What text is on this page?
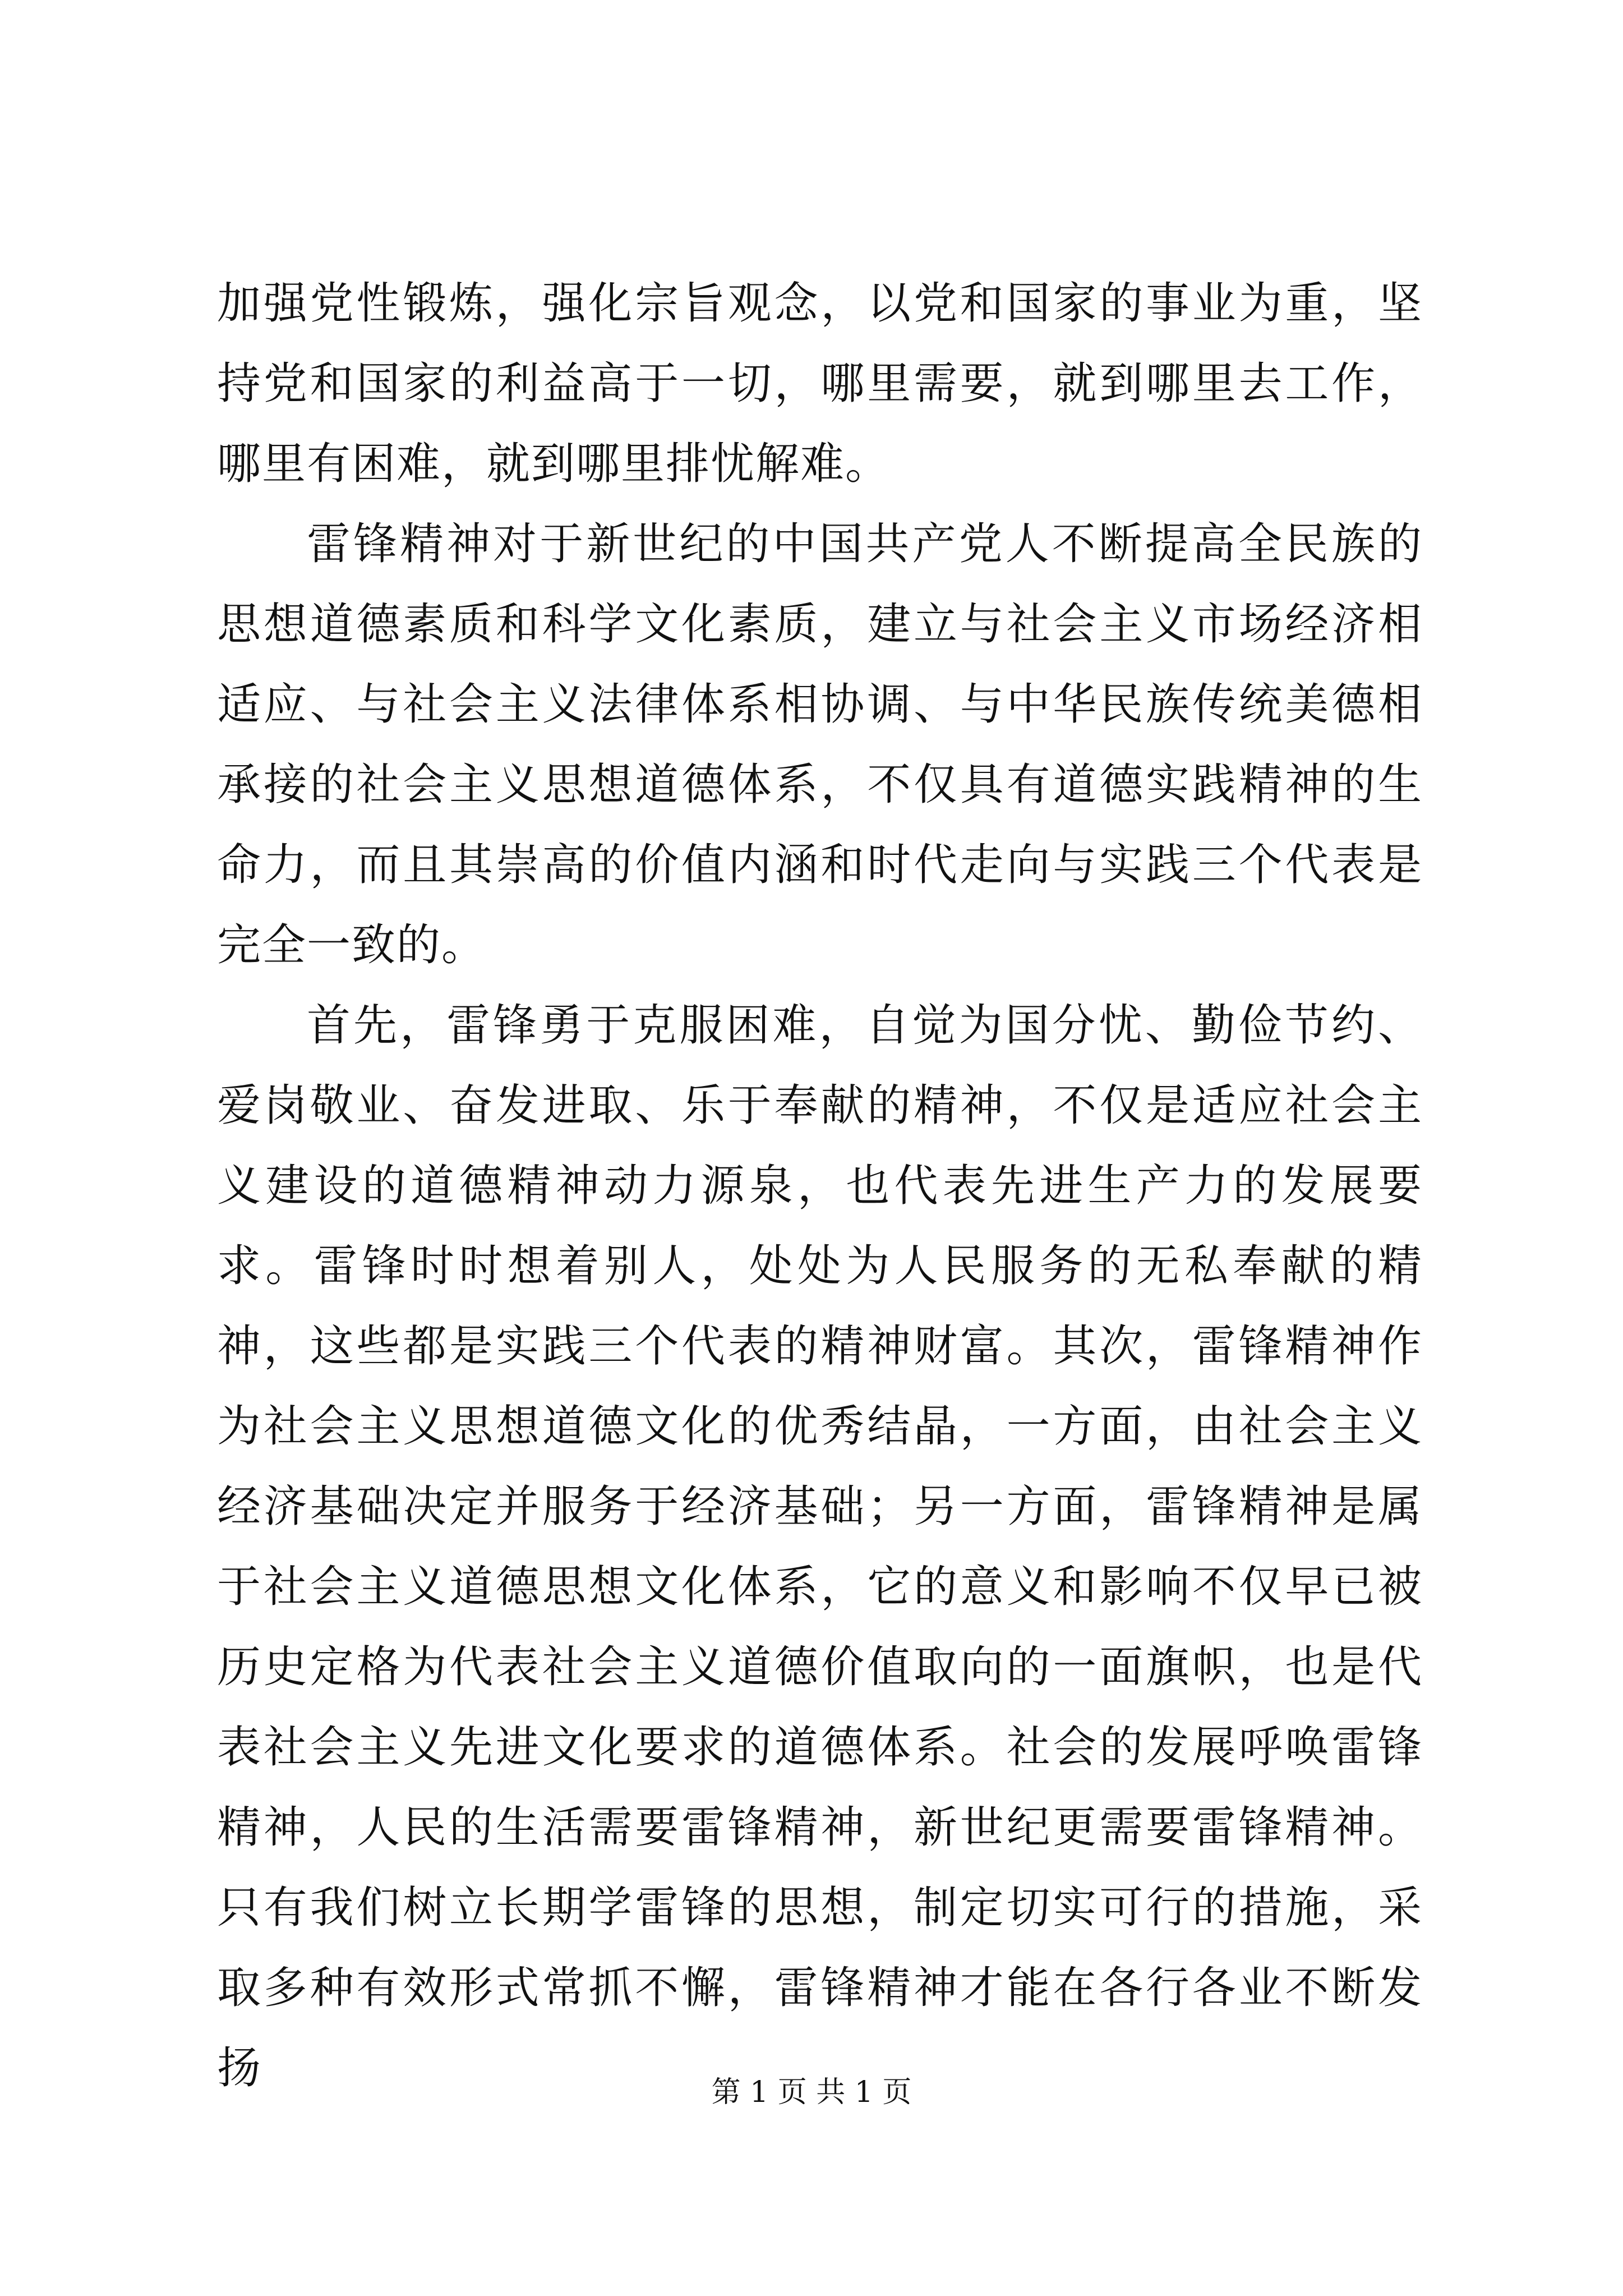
加强党性锻炼，强化宗旨观念，以党和国家的事业为重，坚持党和国家的利益高于一切，哪里需要，就到哪里去工作，哪里有困难，就到哪里排忧解难。

雷锋精神对于新世纪的中国共产党人不断提高全民族的思想道德素质和科学文化素质，建立与社会主义市场经济相适应、与社会主义法律体系相协调、与中华民族传统美德相承接的社会主义思想道德体系，不仅具有道德实践精神的生命力，而且其崇高的价值内涵和时代走向与实践三个代表是完全一致的。

首先，雷锋勇于克服困难，自觉为国分忧、勤俭节约、爱岗敬业、奋发进取、乐于奉献的精神，不仅是适应社会主义建设的道德精神动力源泉，也代表先进生产力的发展要求。雷锋时时想着别人，处处为人民服务的无私奉献的精神，这些都是实践三个代表的精神财富。其次，雷锋精神作为社会主义思想道德文化的优秀结晶，一方面，由社会主义经济基础决定并服务于经济基础；另一方面，雷锋精神是属于社会主义道德思想文化体系，它的意义和影响不仅早已被历史定格为代表社会主义道德价值取向的一面旗帜，也是代表社会主义先进文化要求的道德体系。社会的发展呼唤雷锋精神，人民的生活需要雷锋精神，新世纪更需要雷锋精神。只有我们树立长期学雷锋的思想，制定切实可行的措施，采取多种有效形式常抓不懈，雷锋精神才能在各行各业不断发扬	第 1 页 共 1 页
